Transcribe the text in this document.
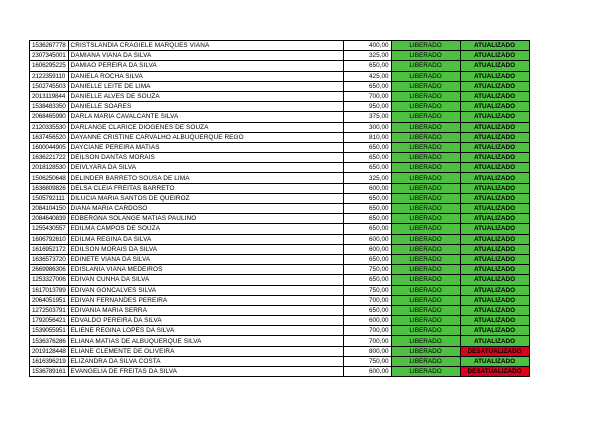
1536267778	CRISTSLANDIA CRAGIELE MARQUES VIANA	400,00	LIBERADO	ATUALIZADO
2307345001	DAMIANA VIANA DA SILVA	325,00	LIBERADO	ATUALIZADO
1606295225	DAMIAO PEREIRA DA SILVA	650,00	LIBERADO	ATUALIZADO
2122359110	DANIELA ROCHA SILVA	425,00	LIBERADO	ATUALIZADO
1502745503	DANIELLE LEITE DE LIMA	650,00	LIBERADO	ATUALIZADO
2013119844	DANIELLE ALVES DE SOUZA	700,00	LIBERADO	ATUALIZADO
1538483350	DANIELLE SOARES	950,00	LIBERADO	ATUALIZADO
2068465990	DARLA MARIA CAVALCANTE SILVA	375,00	LIBERADO	ATUALIZADO
2120335530	DARLANGE CLARICE DIOGENES DE SOUZA	300,00	LIBERADO	ATUALIZADO
1637456520	DAYANNE CRISTINE CARVALHO ALBUQUERQUE REGO	810,00	LIBERADO	ATUALIZADO
1600044905	DAYCIANE PEREIRA MATIAS	650,00	LIBERADO	ATUALIZADO
1636221722	DEILSON DANTAS MORAIS	650,00	LIBERADO	ATUALIZADO
2018128530	DEIVLYARA DA SILVA	650,00	LIBERADO	ATUALIZADO
1506250648	DELINDER BARRETO SOUSA DE LIMA	325,00	LIBERADO	ATUALIZADO
1636809826	DELSA CLEIA FREITAS BARRETO	600,00	LIBERADO	ATUALIZADO
1505792111	DILUCIA MARIA SANTOS DE QUEIROZ	650,00	LIBERADO	ATUALIZADO
2084104150	DIANA MARIA CARDOSO	650,00	LIBERADO	ATUALIZADO
2084640839	EDBERGNA SOLANGE MATIAS PAULINO	650,00	LIBERADO	ATUALIZADO
1255430557	EDILMA CAMPOS DE SOUZA	650,00	LIBERADO	ATUALIZADO
1606792610	EDILMA REGINA DA SILVA	600,00	LIBERADO	ATUALIZADO
1616952172	EDILSON MORAIS DA SILVA	600,00	LIBERADO	ATUALIZADO
1636573720	EDINETE VIANA DA SILVA	650,00	LIBERADO	ATUALIZADO
2669986306	EDISLANIA VIANA MEDEIROS	750,00	LIBERADO	ATUALIZADO
1253327006	EDIVAN CUNHA DA SILVA	650,00	LIBERADO	ATUALIZADO
1617013789	EDIVAN GONCALVES SILVA	750,00	LIBERADO	ATUALIZADO
2064051951	EDIVAN FERNANDES PEREIRA	700,00	LIBERADO	ATUALIZADO
1272503791	EDIVANIA MARIA SERRA	650,00	LIBERADO	ATUALIZADO
1792056421	EDVALDO PEREIRA DA SILVA	600,00	LIBERADO	ATUALIZADO
1539055951	ELIENE REGINA LOPES DA SILVA	700,00	LIBERADO	ATUALIZADO
1536376286	ELIANA MATIAS DE ALBUQUERQUE SILVA	700,00	LIBERADO	ATUALIZADO
2019128448	ELIANE CLEMENTE DE OLIVEIRA	800,00	LIBERADO	DESATUALIZADO
1616396219	ELIZANDRA DA SILVA COSTA	750,00	LIBERADO	ATUALIZADO
1536789161	EVANGELIA DE FREITAS DA SILVA	600,00	LIBERADO	DESATUALIZADO
